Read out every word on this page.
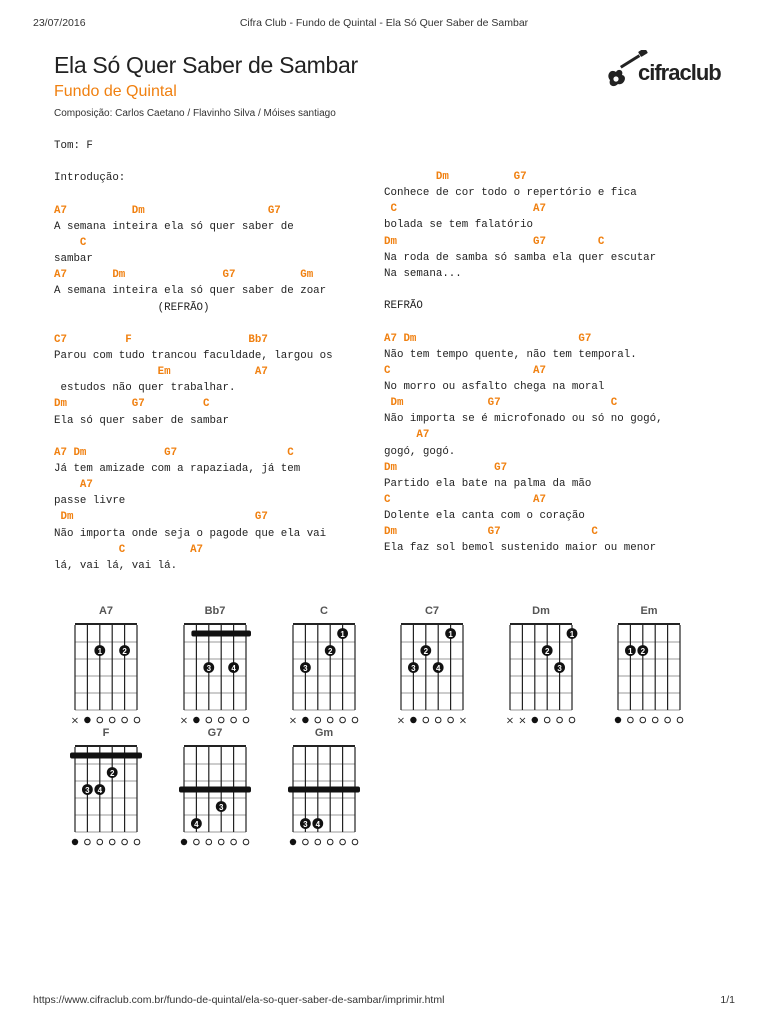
23/07/2016	Cifra Club - Fundo de Quintal - Ela Só Quer Saber de Sambar
Ela Só Quer Saber de Sambar
Fundo de Quintal
Composição: Carlos Caetano / Flavinho Silva / Móises santiago
cifraclub
Tom: F
Introdução:
A7          Dm                   G7
A semana inteira ela só quer saber de
C
sambar
A7       Dm               G7          Gm
A semana inteira ela só quer saber de zoar
(REFRÃO)
C7         F                  Bb7
Parou com tudo trancou faculdade, largou os
Em             A7
estudos não quer trabalhar.
Dm          G7         C
Ela só quer saber de sambar
A7 Dm            G7                 C
Já tem amizade com a rapaziada, já tem
A7
passe livre
Dm                            G7
Não importa onde seja o pagode que ela vai
C          A7
lá, vai lá, vai lá.
Dm          G7
Conhece de cor todo o repertório e fica
C                     A7
bolada se tem falatório
Dm                     G7        C
Na roda de samba só samba ela quer escutar
Na semana...
REFRÃO
A7 Dm                         G7
Não tem tempo quente, não tem temporal.
C                      A7
No morro ou asfalto chega na moral
Dm             G7                 C
Não importa se é microfonado ou só no gogó,
A7
gogó, gogó.
Dm               G7
Partido ela bate na palma da mão
C                      A7
Dolente ela canta com o coração
Dm              G7              C
Ela faz sol bemol sustenido maior ou menor
A7
1	2
×
Bb7
3	4
×
C
1
2
3
×
C7
1
2
3	4
×	×
Dm
1
2
3
× ×
Em
1 2
F
2
3 4
G7
3
4
Gm
3 4
https://www.cifraclub.com.br/fundo-de-quintal/ela-so-quer-saber-de-sambar/imprimir.html	1/1
